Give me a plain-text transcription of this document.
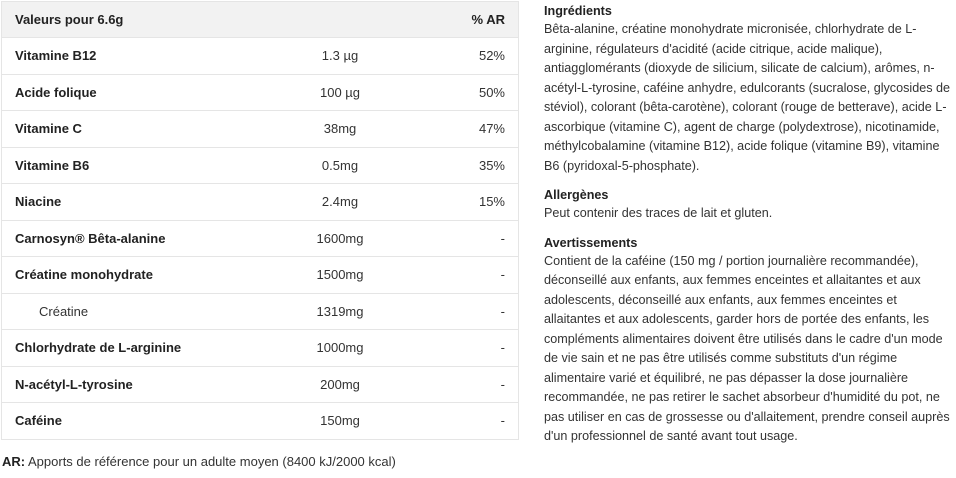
Valeurs pour 6.6g		% AR
Vitamine B12	1.3 µg	52%
Acide folique	100 µg	50%
Vitamine C	38mg	47%
Vitamine B6	0.5mg	35%
Niacine	2.4mg	15%
Carnosyn® Bêta-alanine	1600mg	-
Créatine monohydrate	1500mg	-
Créatine	1319mg	-
Chlorhydrate de L-arginine	1000mg	-
N-acétyl-L-tyrosine	200mg	-
Caféine	150mg	-
AR: Apports de référence pour un adulte moyen (8400 kJ/2000 kcal)
Ingrédients

Bêta-alanine, créatine monohydrate micronisée, chlorhydrate de L-arginine, régulateurs d'acidité (acide citrique, acide malique), antiagglomérants (dioxyde de silicium, silicate de calcium), arômes, n-acétyl-L-tyrosine, caféine anhydre, edulcorants (sucralose, glycosides de stéviol), colorant (bêta-carotène), colorant (rouge de betterave), acide L-ascorbique (vitamine C), agent de charge (polydextrose), nicotinamide, méthylcobalamine (vitamine B12), acide folique (vitamine B9), vitamine B6 (pyridoxal-5-phosphate).

Allergènes

Peut contenir des traces de lait et gluten.

Avertissements

Contient de la caféine (150 mg / portion journalière recommandée), déconseillé aux enfants, aux femmes enceintes et allaitantes et aux adolescents, déconseillé aux enfants, aux femmes enceintes et allaitantes et aux adolescents, garder hors de portée des enfants, les compléments alimentaires doivent être utilisés dans le cadre d'un mode de vie sain et ne pas être utilisés comme substituts d'un régime alimentaire varié et équilibré, ne pas dépasser la dose journalière recommandée, ne pas retirer le sachet absorbeur d'humidité du pot, ne pas utiliser en cas de grossesse ou d'allaitement, prendre conseil auprès d'un professionnel de santé avant tout usage.
